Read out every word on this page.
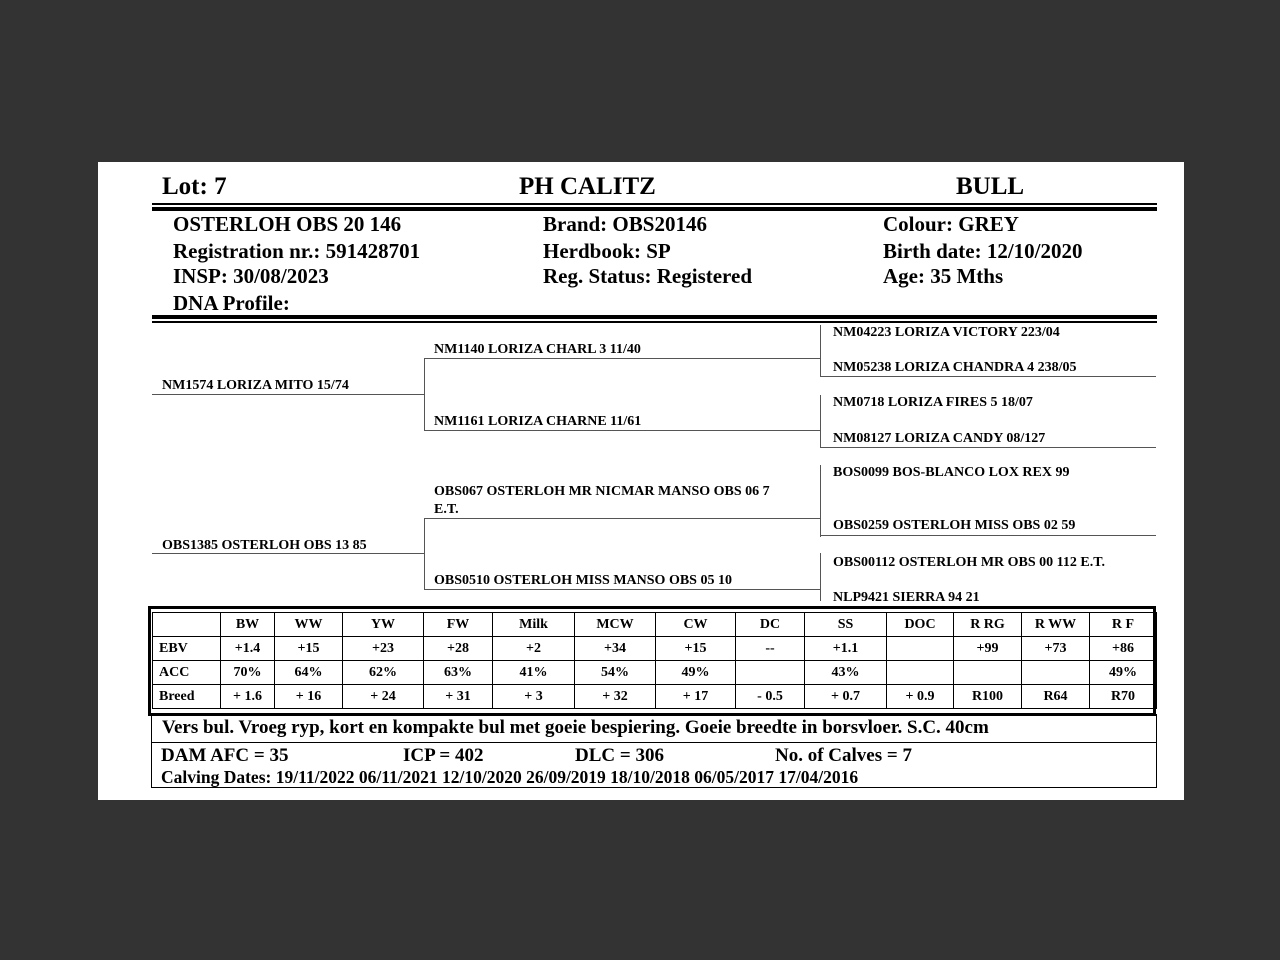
Lot: 7	PH CALITZ	BULL
OSTERLOH OBS 20 146
Registration nr.: 591428701
INSP: 30/08/2023
DNA Profile:
Brand: OBS20146
Herdbook: SP
Reg. Status: Registered
Colour: GREY
Birth date: 12/10/2020
Age: 35 Mths
NM1574 LORIZA MITO 15/74
OBS1385 OSTERLOH OBS 13 85
NM1140 LORIZA CHARL 3 11/40
NM1161 LORIZA CHARNE 11/61
OBS067 OSTERLOH MR NICMAR MANSO OBS 06 7
E.T.
OBS0510 OSTERLOH MISS MANSO OBS 05 10
NM04223 LORIZA VICTORY 223/04
NM05238 LORIZA CHANDRA 4 238/05
NM0718 LORIZA FIRES 5 18/07
NM08127 LORIZA CANDY 08/127
BOS0099 BOS-BLANCO LOX REX 99
OBS0259 OSTERLOH MISS OBS 02 59
OBS00112 OSTERLOH MR OBS 00 112 E.T.
NLP9421 SIERRA 94 21
	BW	WW	YW	FW	Milk	MCW	CW	DC	SS	DOC	R RG	R WW	R F
EBV	+1.4	+15	+23	+28	+2	+34	+15	--	+1.1		+99	+73	+86
ACC	70%	64%	62%	63%	41%	54%	49%		43%				49%
Breed	+ 1.6	+ 16	+ 24	+ 31	+ 3	+ 32	+ 17	- 0.5	+ 0.7	+ 0.9	R100	R64	R70
Vers bul. Vroeg ryp, kort en kompakte bul met goeie bespiering. Goeie breedte in borsvloer. S.C. 40cm
DAM AFC = 35	ICP = 402	DLC = 306	No. of Calves = 7
Calving Dates: 19/11/2022 06/11/2021 12/10/2020 26/09/2019 18/10/2018 06/05/2017 17/04/2016
